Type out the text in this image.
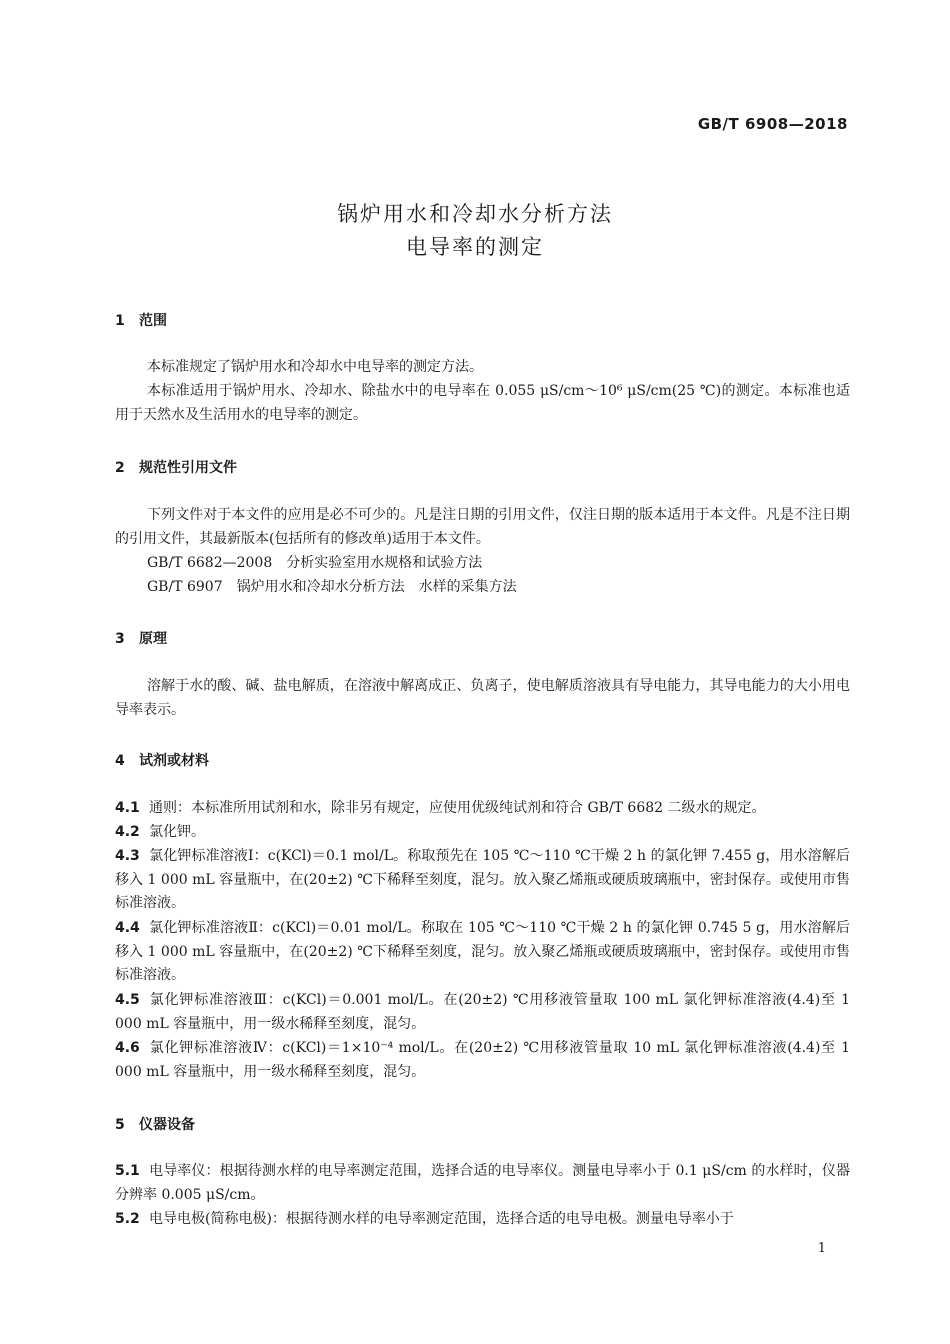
GB/T 6908—2018
锅炉用水和冷却水分析方法
电导率的测定
1 范围
本标准规定了锅炉用水和冷却水中电导率的测定方法。
本标准适用于锅炉用水、冷却水、除盐水中的电导率在 0.055 μS/cm～10⁶ μS/cm(25 ℃)的测定。本标准也适用于天然水及生活用水的电导率的测定。
2 规范性引用文件
下列文件对于本文件的应用是必不可少的。凡是注日期的引用文件，仅注日期的版本适用于本文件。凡是不注日期的引用文件，其最新版本(包括所有的修改单)适用于本文件。
GB/T 6682—2008　分析实验室用水规格和试验方法
GB/T 6907　锅炉用水和冷却水分析方法　水样的采集方法
3 原理
溶解于水的酸、碱、盐电解质，在溶液中解离成正、负离子，使电解质溶液具有导电能力，其导电能力的大小用电导率表示。
4 试剂或材料
4.1 通则：本标准所用试剂和水，除非另有规定，应使用优级纯试剂和符合 GB/T 6682 二级水的规定。
4.2 氯化钾。
4.3 氯化钾标准溶液Ⅰ：c(KCl)＝0.1 mol/L。称取预先在 105 ℃～110 ℃干燥 2 h 的氯化钾 7.455 g，用水溶解后移入 1 000 mL 容量瓶中，在(20±2) ℃下稀释至刻度，混匀。放入聚乙烯瓶或硬质玻璃瓶中，密封保存。或使用市售标准溶液。
4.4 氯化钾标准溶液Ⅱ：c(KCl)＝0.01 mol/L。称取在 105 ℃～110 ℃干燥 2 h 的氯化钾 0.745 5 g，用水溶解后移入 1 000 mL 容量瓶中，在(20±2) ℃下稀释至刻度，混匀。放入聚乙烯瓶或硬质玻璃瓶中，密封保存。或使用市售标准溶液。
4.5 氯化钾标准溶液Ⅲ：c(KCl)＝0.001 mol/L。在(20±2) ℃用移液管量取 100 mL 氯化钾标准溶液(4.4)至 1 000 mL 容量瓶中，用一级水稀释至刻度，混匀。
4.6 氯化钾标准溶液Ⅳ：c(KCl)＝1×10⁻⁴ mol/L。在(20±2) ℃用移液管量取 10 mL 氯化钾标准溶液(4.4)至 1 000 mL 容量瓶中，用一级水稀释至刻度，混匀。
5 仪器设备
5.1 电导率仪：根据待测水样的电导率测定范围，选择合适的电导率仪。测量电导率小于 0.1 μS/cm 的水样时，仪器分辨率 0.005 μS/cm。
5.2 电导电极(简称电极)：根据待测水样的电导率测定范围，选择合适的电导电极。测量电导率小于
1
